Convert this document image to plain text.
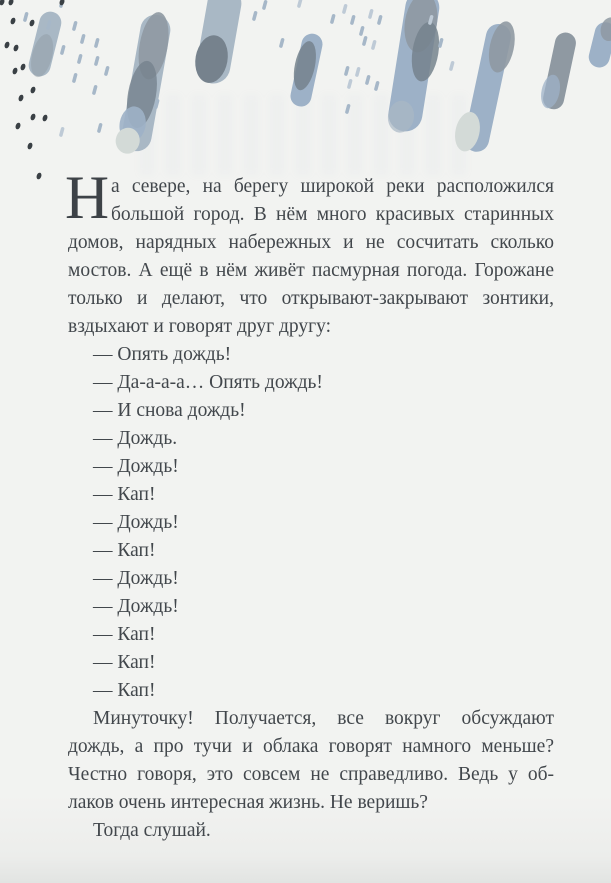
Н а севере, на берегу широкой реки расположился
большой город. В нём много красивых старинных
домов, нарядных набережных и не сосчитать сколько
мостов. А ещё в нём живёт пасмурная погода. Горожане
только и делают, что открывают-закрывают зонтики,
вздыхают и говорят друг другу:
— Опять дождь!
— Да-а-а-а… Опять дождь!
— И снова дождь!
— Дождь.
— Дождь!
— Кап!
— Дождь!
— Кап!
— Дождь!
— Дождь!
— Кап!
— Кап!
— Кап!
Минуточку! Получается, все вокруг обсуждают
дождь, а про тучи и облака говорят намного меньше?
Честно говоря, это совсем не справедливо. Ведь у об-
лаков очень интересная жизнь. Не веришь?
Тогда слушай.
